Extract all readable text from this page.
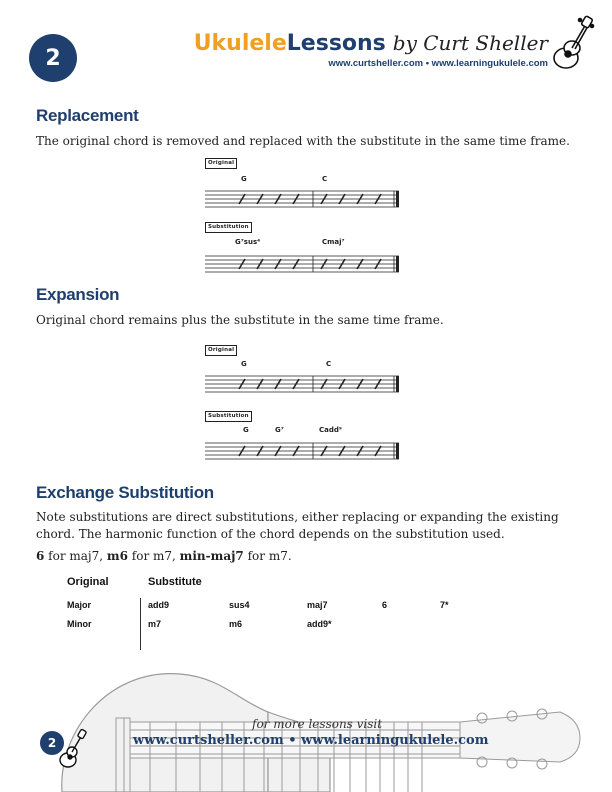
2
UkuleleLessons by Curt Sheller
www.curtsheller.com • www.learningukulele.com
Replacement

The original chord is removed and replaced with the substitute in the same time frame.

Original
G	C
Substitution
G⁷sus⁴	Cmaj⁷
Expansion

Original chord remains plus the substitute in the same time frame.

Original
G	C
Substitution
G	G⁷	Cadd⁹
Exchange Substitution

Note substitutions are direct substitutions, either replacing or expanding the existing chord. The harmonic function of the chord depends on the substitution used.

6 for maj7, m6 for m7, min-maj7 for m7.

Original	Substitute
Major	add9	sus4	maj7	6	7*
Minor	m7	m6	add9*
for more lessons visit
www.curtsheller.com • www.learningukulele.com
2
